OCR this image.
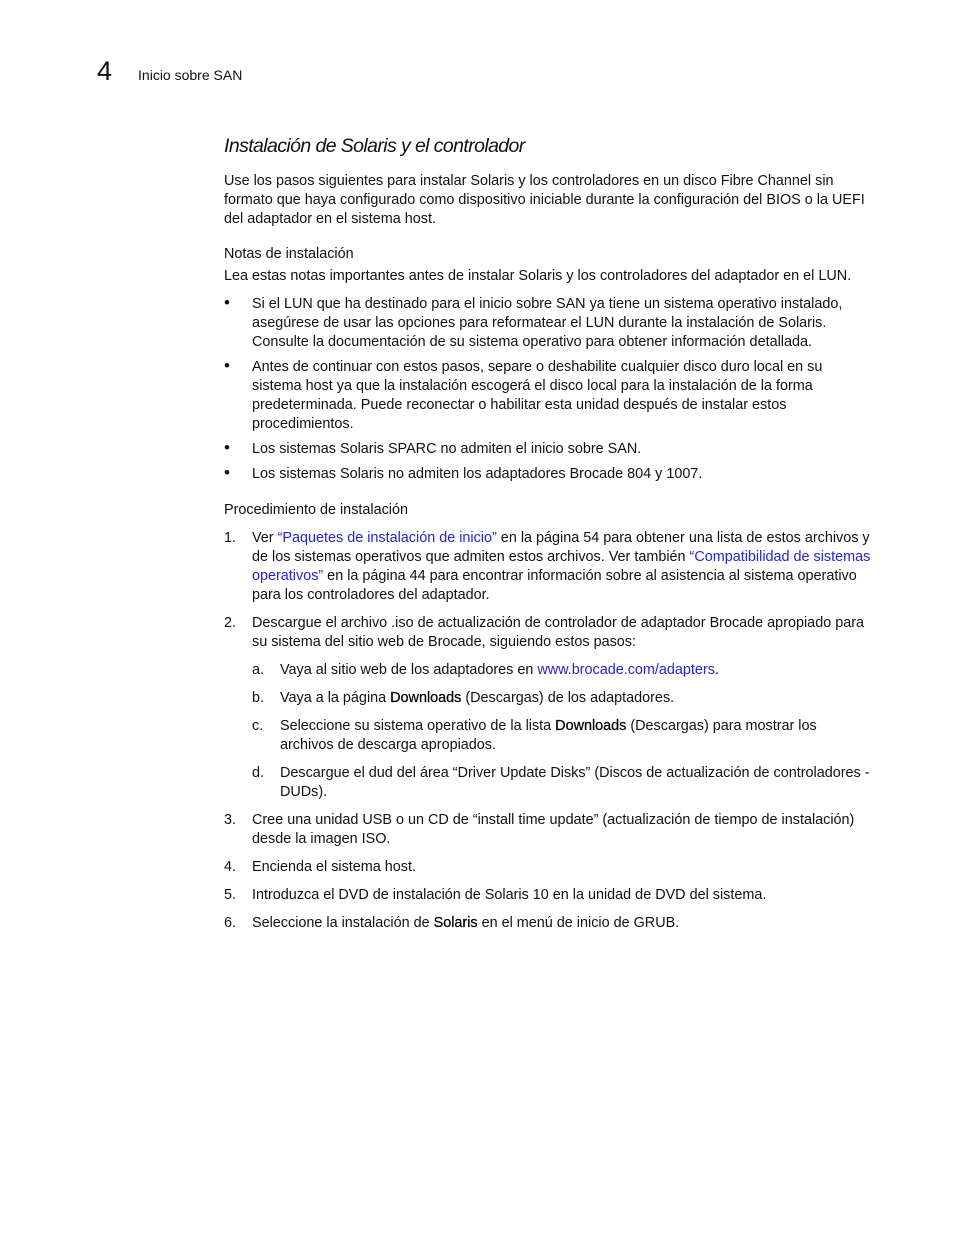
4 Inicio sobre SAN
Instalación de Solaris y el controlador

Use los pasos siguientes para instalar Solaris y los controladores en un disco Fibre Channel sin formato que haya configurado como dispositivo iniciable durante la configuración del BIOS o la UEFI del adaptador en el sistema host.

Notas de instalación

Lea estas notas importantes antes de instalar Solaris y los controladores del adaptador en el LUN.

• Si el LUN que ha destinado para el inicio sobre SAN ya tiene un sistema operativo instalado, asegúrese de usar las opciones para reformatear el LUN durante la instalación de Solaris. Consulte la documentación de su sistema operativo para obtener información detallada.
• Antes de continuar con estos pasos, separe o deshabilite cualquier disco duro local en su sistema host ya que la instalación escogerá el disco local para la instalación de la forma predeterminada. Puede reconectar o habilitar esta unidad después de instalar estos procedimientos.
• Los sistemas Solaris SPARC no admiten el inicio sobre SAN.
• Los sistemas Solaris no admiten los adaptadores Brocade 804 y 1007.

Procedimiento de instalación

1. Ver “Paquetes de instalación de inicio” en la página 54 para obtener una lista de estos archivos y de los sistemas operativos que admiten estos archivos. Ver también “Compatibilidad de sistemas operativos” en la página 44 para encontrar información sobre al asistencia al sistema operativo para los controladores del adaptador.
2. Descargue el archivo .iso de actualización de controlador de adaptador Brocade apropiado para su sistema del sitio web de Brocade, siguiendo estos pasos:
a. Vaya al sitio web de los adaptadores en www.brocade.com/adapters.
b. Vaya a la página Downloads (Descargas) de los adaptadores.
c. Seleccione su sistema operativo de la lista Downloads (Descargas) para mostrar los archivos de descarga apropiados.
d. Descargue el dud del área “Driver Update Disks” (Discos de actualización de controladores - DUDs).
3. Cree una unidad USB o un CD de “install time update” (actualización de tiempo de instalación) desde la imagen ISO.
4. Encienda el sistema host.
5. Introduzca el DVD de instalación de Solaris 10 en la unidad de DVD del sistema.
6. Seleccione la instalación de Solaris en el menú de inicio de GRUB.
